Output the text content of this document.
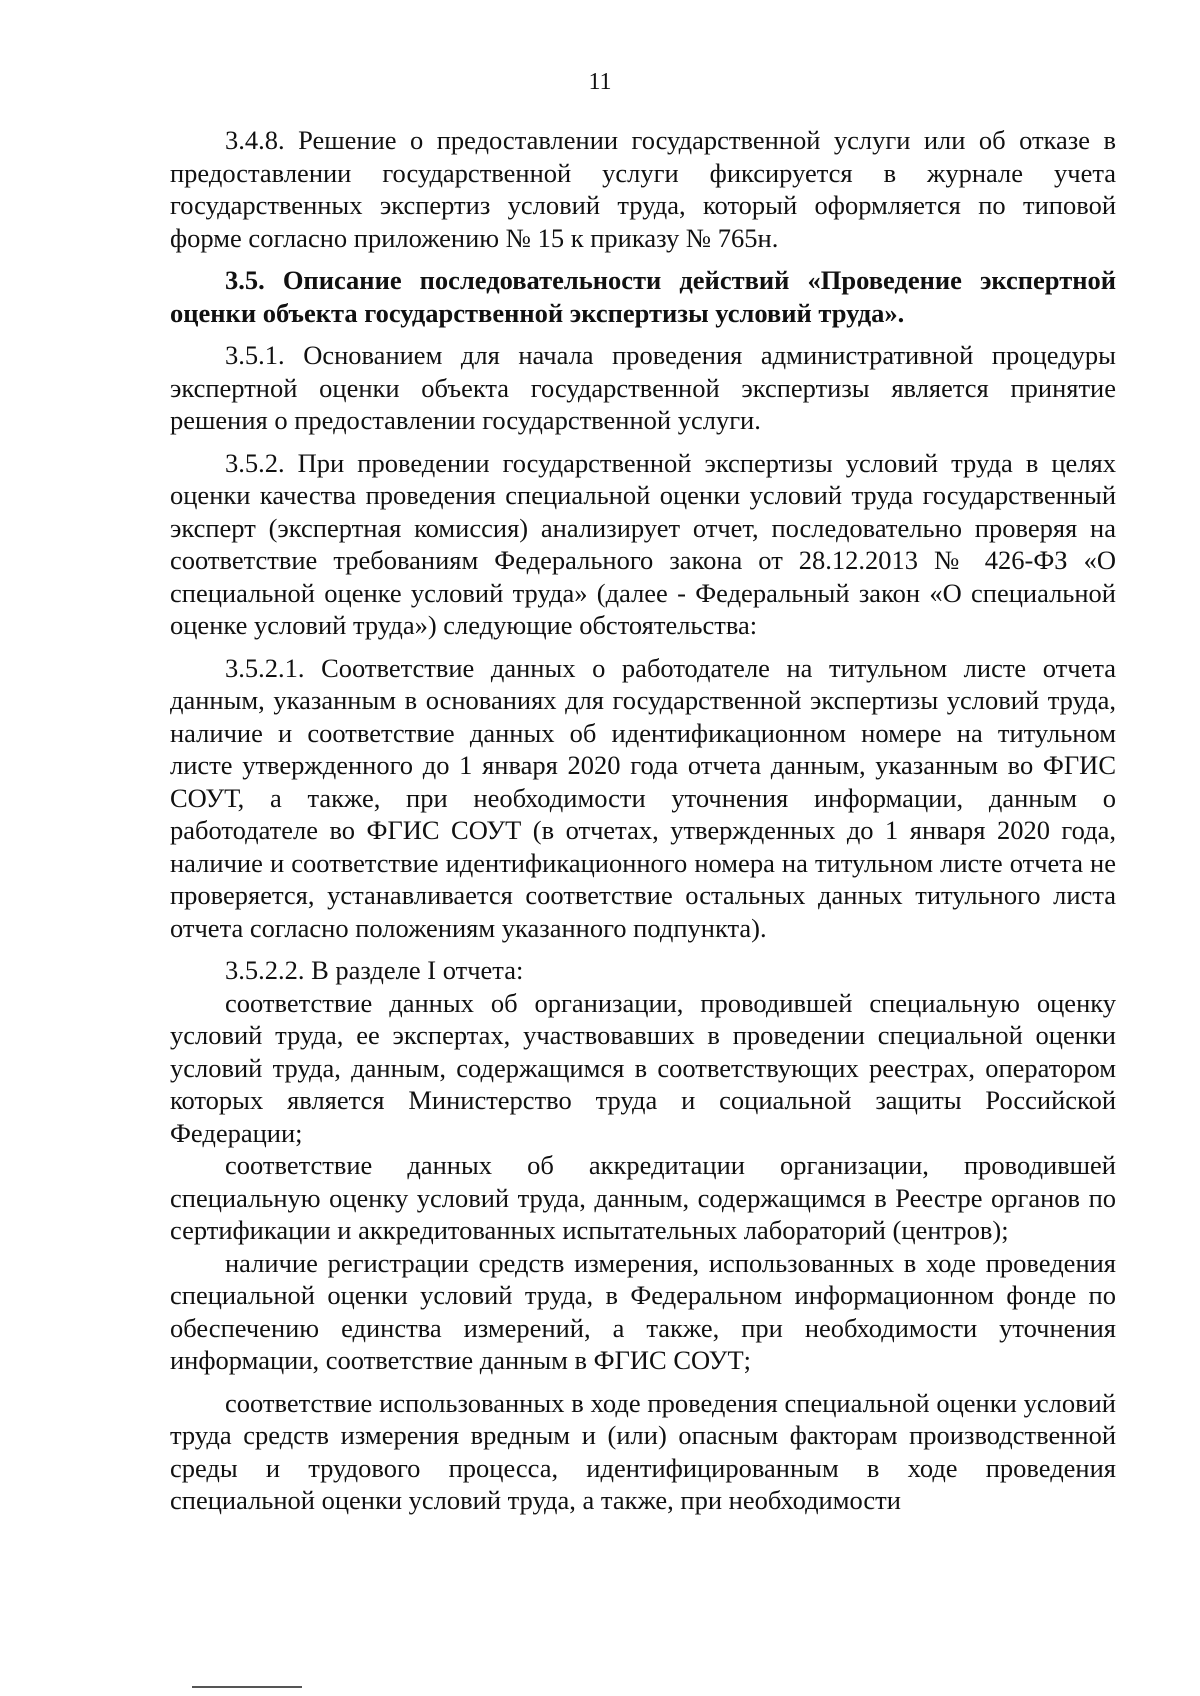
11

3.4.8. Решение о предоставлении государственной услуги или об отказе в предоставлении государственной услуги фиксируется в журнале учета государственных экспертиз условий труда, который оформляется по типовой форме согласно приложению № 15 к приказу № 765н.

3.5. Описание последовательности действий «Проведение экспертной оценки объекта государственной экспертизы условий труда».

3.5.1. Основанием для начала проведения административной процедуры экспертной оценки объекта государственной экспертизы является принятие решения о предоставлении государственной услуги.

3.5.2. При проведении государственной экспертизы условий труда в целях оценки качества проведения специальной оценки условий труда государственный эксперт (экспертная комиссия) анализирует отчет, последовательно проверяя на соответствие требованиям Федерального закона от 28.12.2013 № 426-ФЗ «О специальной оценке условий труда» (далее - Федеральный закон «О специальной оценке условий труда») следующие обстоятельства:

3.5.2.1. Соответствие данных о работодателе на титульном листе отчета данным, указанным в основаниях для государственной экспертизы условий труда, наличие и соответствие данных об идентификационном номере на титульном листе утвержденного до 1 января 2020 года отчета данным, указанным во ФГИС СОУТ, а также, при необходимости уточнения информации, данным о работодателе во ФГИС СОУТ (в отчетах, утвержденных до 1 января 2020 года, наличие и соответствие идентификационного номера на титульном листе отчета не проверяется, устанавливается соответствие остальных данных титульного листа отчета согласно положениям указанного подпункта).

3.5.2.2. В разделе I отчета:

соответствие данных об организации, проводившей специальную оценку условий труда, ее экспертах, участвовавших в проведении специальной оценки условий труда, данным, содержащимся в соответствующих реестрах, оператором которых является Министерство труда и социальной защиты Российской Федерации;

соответствие данных об аккредитации организации, проводившей специальную оценку условий труда, данным, содержащимся в Реестре органов по сертификации и аккредитованных испытательных лабораторий (центров);

наличие регистрации средств измерения, использованных в ходе проведения специальной оценки условий труда, в Федеральном информационном фонде по обеспечению единства измерений, а также, при необходимости уточнения информации, соответствие данным в ФГИС СОУТ;

соответствие использованных в ходе проведения специальной оценки условий труда средств измерения вредным и (или) опасным факторам производственной среды и трудового процесса, идентифицированным в ходе проведения специальной оценки условий труда, а также, при необходимости
